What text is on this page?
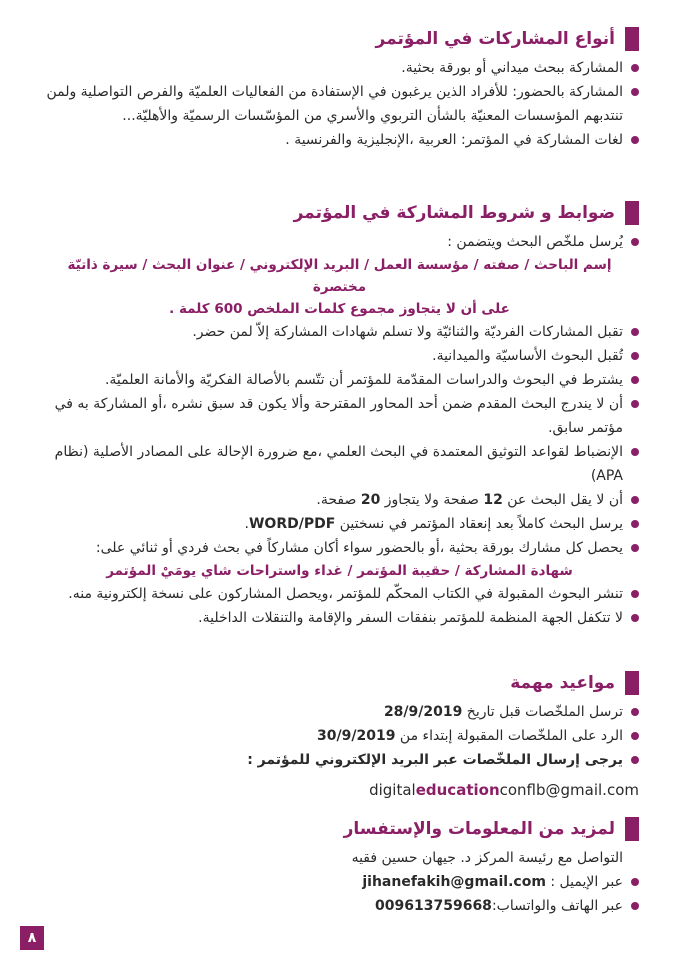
أنواع المشاركات في المؤتمر
المشاركة ببحث ميداني أو بورقة بحثية.
المشاركة بالحضور: للأفراد الذين يرغبون في الإستفادة من الفعاليات العلميّة والفرص التواصلية ولمن تنتدبهم المؤسسات المعنيّة بالشأن التربوي والأسري من المؤسّسات الرسميّة والأهليّة...
لغات المشاركة في المؤتمر: العربية ،الإنجليزية والفرنسية .
ضوابط و شروط المشاركة في المؤتمر
يُرسل ملخّص البحث ويتضمن :
إسم الباحث / صفته / مؤسسة العمل / البريد الإلكتروني / عنوان البحث / سيرة ذاتيّة مختصرة
على أن لا يتجاوز مجموع كلمات الملخص 600 كلمة .
تقبل المشاركات الفرديّة والثنائيّة ولا تسلم شهادات المشاركة إلاّ لمن حضر.
تُقبل البحوث الأساسيّة والميدانية.
يشترط في البحوث والدراسات المقدّمة للمؤتمر أن تتّسم بالأصالة الفكريّة والأمانة العلميّة.
أن لا يندرج البحث المقدم ضمن أحد المحاور المقترحة وألا يكون قد سبق نشره ،أو المشاركة به في مؤتمر سابق.
الإنضباط لقواعد التوثيق المعتمدة في البحث العلمي ،مع ضرورة الإحالة على المصادر الأصلية (نظام APA)
أن لا يقل البحث عن 12 صفحة ولا يتجاوز 20 صفحة.
يرسل البحث كاملاً بعد إنعقاد المؤتمر في نسختين WORD/PDF.
يحصل كل مشارك بورقة بحثية ،أو بالحضور سواء أكان مشاركاً في بحث فردي أو ثنائي على:
شهادة المشاركة / حقيبة المؤتمر / غداء واستراحات شاي يومَيْ المؤتمر
تنشر البحوث المقبولة في الكتاب المحكّم للمؤتمر ،ويحصل المشاركون على نسخة إلكترونية منه.
لا تتكفل الجهة المنظمة للمؤتمر بنفقات السفر والإقامة والتنقلات الداخلية.
مواعيد مهمة
ترسل الملخّصات قبل تاريخ 28/9/2019
الرد على الملخّصات المقبولة إبتداء من 30/9/2019
يرجى إرسال الملخّصات عبر البريد الإلكتروني للمؤتمر :
digitaleducationconflb@gmail.com
لمزيد من المعلومات والإستفسار
التواصل مع رئيسة المركز د. جيهان حسين فقيه
عبر الإيميل : jihanefakih@gmail.com
عبر الهاتف والواتساب:009613759668
٨
